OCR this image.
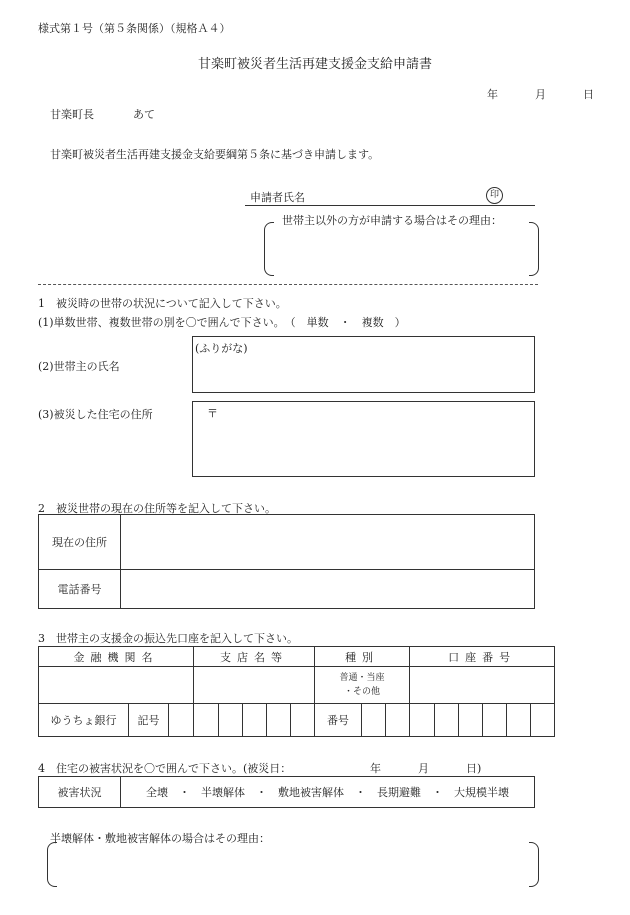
様式第１号（第５条関係）（規格Ａ４）
甘楽町被災者生活再建支援金支給申請書
年	月	日
甘楽町長	あて
甘楽町被災者生活再建支援金支給要綱第５条に基づき申請します。
申請者氏名	印
世帯主以外の方が申請する場合はその理由：
1　被災時の世帯の状況について記入して下さい。
(1)単数世帯、複数世帯の別を〇で囲んで下さい。　（　単数　・　複数　）
(2)世帯主の氏名
(ふりがな)
(3)被災した住宅の住所	〒
2　被災世帯の現在の住所等を記入して下さい。
現在の住所	
電話番号	
3　世帯主の支援金の振込先口座を記入して下さい。
金融機関名			支店名等					種別			口座番号					
								普通・当座
・その他								
ゆうちょ銀行	記号							番号								
4　住宅の被害状況を〇で囲んで下さい。(被災日：	年	月	日)
被害状況	全壊　・　半壊解体　・　敷地被害解体　・　長期避難　・　大規模半壊
半壊解体・敷地被害解体の場合はその理由：
